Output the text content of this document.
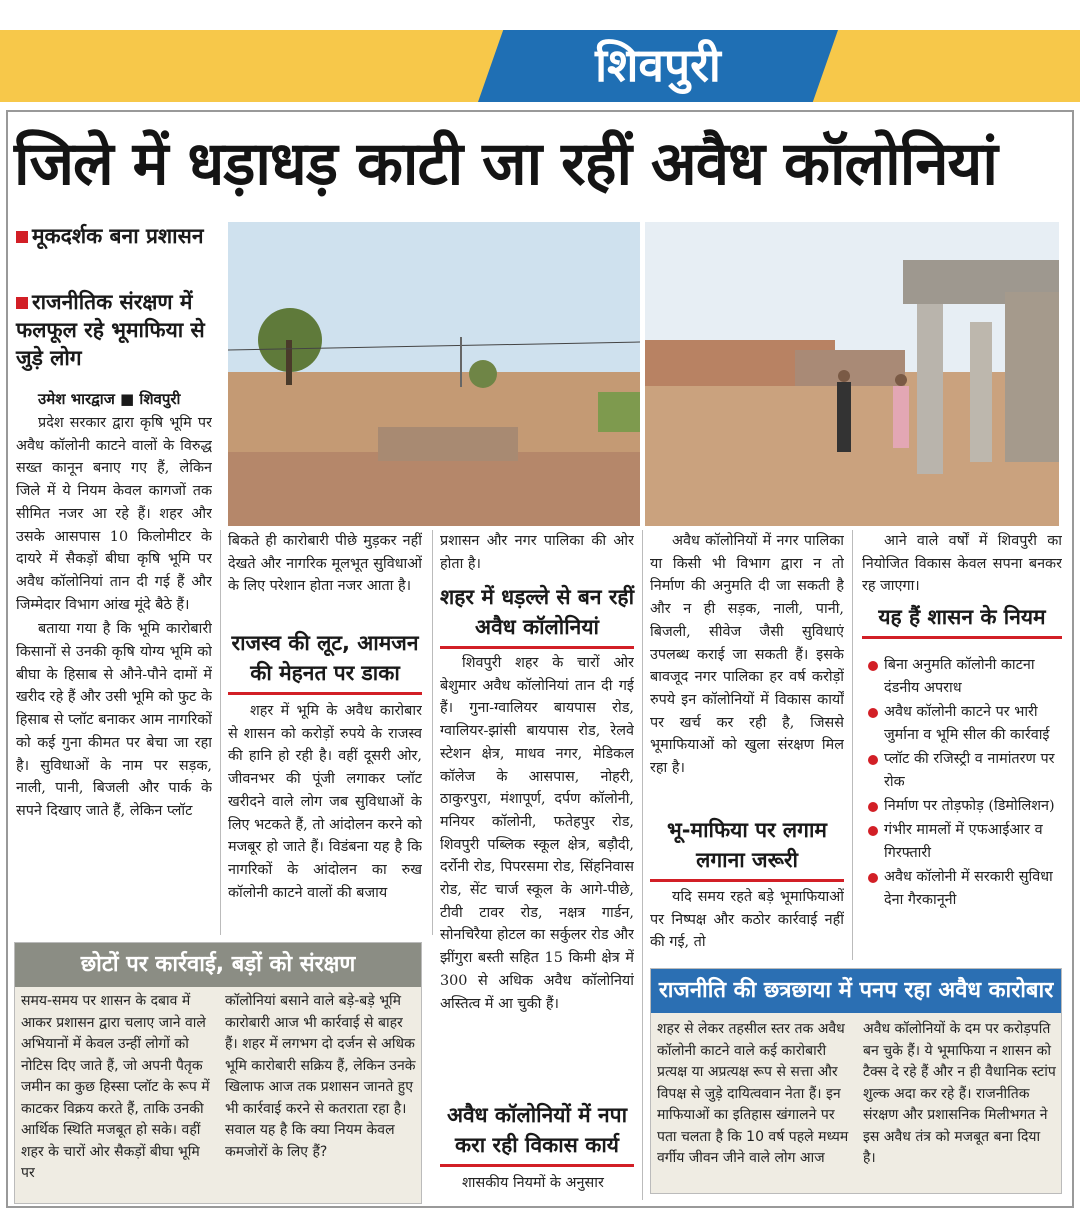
शिवपुरी
जिले में धड़ाधड़ काटी जा रहीं अवैध कॉलोनियां
मूकदर्शक बना प्रशासन
राजनीतिक संरक्षण में फलफूल रहे भूमाफिया से जुड़े लोग
उमेश भारद्वाज ■ शिवपुरी

प्रदेश सरकार द्वारा कृषि भूमि पर अवैध कॉलोनी काटने वालों के विरुद्ध सख्त कानून बनाए गए हैं, लेकिन जिले में ये नियम केवल कागजों तक सीमित नजर आ रहे हैं। शहर और उसके आसपास 10 किलोमीटर के दायरे में सैकड़ों बीघा कृषि भूमि पर अवैध कॉलोनियां तान दी गई हैं और जिम्मेदार विभाग आंख मूंदे बैठे हैं।

बताया गया है कि भूमि कारोबारी किसानों से उनकी कृषि योग्य भूमि को बीघा के हिसाब से औने-पौने दामों में खरीद रहे हैं और उसी भूमि को फुट के हिसाब से प्लॉट बनाकर आम नागरिकों को कई गुना कीमत पर बेचा जा रहा है। सुविधाओं के नाम पर सड़क, नाली, पानी, बिजली और पार्क के सपने दिखाए जाते हैं, लेकिन प्लॉट

बिकते ही कारोबारी पीछे मुड़कर नहीं देखते और नागरिक मूलभूत सुविधाओं के लिए परेशान होता नजर आता है।

राजस्व की लूट, आमजन की मेहनत पर डाका

शहर में भूमि के अवैध कारोबार से शासन को करोड़ों रुपये के राजस्व की हानि हो रही है। वहीं दूसरी ओर, जीवनभर की पूंजी लगाकर प्लॉट खरीदने वाले लोग जब सुविधाओं के लिए भटकते हैं, तो आंदोलन करने को मजबूर हो जाते हैं। विडंबना यह है कि नागरिकों के आंदोलन का रुख कॉलोनी काटने वालों की बजाय

प्रशासन और नगर पालिका की ओर होता है।

शहर में धड़ल्ले से बन रहीं अवैध कॉलोनियां

शिवपुरी शहर के चारों ओर बेशुमार अवैध कॉलोनियां तान दी गई हैं। गुना-ग्वालियर बायपास रोड, ग्वालियर-झांसी बायपास रोड, रेलवे स्टेशन क्षेत्र, माधव नगर, मेडिकल कॉलेज के आसपास, नोहरी, ठाकुरपुरा, मंशापूर्ण, दर्पण कॉलोनी, मनियर कॉलोनी, फतेहपुर रोड, शिवपुरी पब्लिक स्कूल क्षेत्र, बड़ौदी, दर्रोनी रोड, पिपरसमा रोड, सिंहनिवास रोड, सेंट चार्ज स्कूल के आगे-पीछे, टीवी टावर रोड, नक्षत्र गार्डन, सोनचिरैया होटल का सर्कुलर रोड और झींगुरा बस्ती सहित 15 किमी क्षेत्र में 300 से अधिक अवैध कॉलोनियां अस्तित्व में आ चुकी हैं।

अवैध कॉलोनियों में नपा करा रही विकास कार्य

शासकीय नियमों के अनुसार

अवैध कॉलोनियों में नगर पालिका या किसी भी विभाग द्वारा न तो निर्माण की अनुमति दी जा सकती है और न ही सड़क, नाली, पानी, बिजली, सीवेज जैसी सुविधाएं उपलब्ध कराई जा सकती हैं। इसके बावजूद नगर पालिका हर वर्ष करोड़ों रुपये इन कॉलोनियों में विकास कार्यों पर खर्च कर रही है, जिससे भूमाफियाओं को खुला संरक्षण मिल रहा है।

भू-माफिया पर लगाम लगाना जरूरी

यदि समय रहते बड़े भूमाफियाओं पर निष्पक्ष और कठोर कार्रवाई नहीं की गई, तो

आने वाले वर्षों में शिवपुरी का नियोजित विकास केवल सपना बनकर रह जाएगा।

यह हैं शासन के नियम
बिना अनुमति कॉलोनी काटना दंडनीय अपराध
अवैध कॉलोनी काटने पर भारी जुर्माना व भूमि सील की कार्रवाई
प्लॉट की रजिस्ट्री व नामांतरण पर रोक
निर्माण पर तोड़फोड़ (डिमोलिशन)
गंभीर मामलों में एफआईआर व गिरफ्तारी
अवैध कॉलोनी में सरकारी सुविधा देना गैरकानूनी
छोटों पर कार्रवाई, बड़ों को संरक्षण
समय-समय पर शासन के दबाव में आकर प्रशासन द्वारा चलाए जाने वाले अभियानों में केवल उन्हीं लोगों को नोटिस दिए जाते हैं, जो अपनी पैतृक जमीन का कुछ हिस्सा प्लॉट के रूप में काटकर विक्रय करते हैं, ताकि उनकी आर्थिक स्थिति मजबूत हो सके। वहीं शहर के चारों ओर सैकड़ों बीघा भूमि पर
कॉलोनियां बसाने वाले बड़े-बड़े भूमि कारोबारी आज भी कार्रवाई से बाहर हैं। शहर में लगभग दो दर्जन से अधिक भूमि कारोबारी सक्रिय हैं, लेकिन उनके खिलाफ आज तक प्रशासन जानते हुए भी कार्रवाई करने से कतराता रहा है। सवाल यह है कि क्या नियम केवल कमजोरों के लिए हैं?
राजनीति की छत्रछाया में पनप रहा अवैध कारोबार
शहर से लेकर तहसील स्तर तक अवैध कॉलोनी काटने वाले कई कारोबारी प्रत्यक्ष या अप्रत्यक्ष रूप से सत्ता और विपक्ष से जुड़े दायित्ववान नेता हैं। इन माफियाओं का इतिहास खंगालने पर पता चलता है कि 10 वर्ष पहले मध्यम वर्गीय जीवन जीने वाले लोग आज
अवैध कॉलोनियों के दम पर करोड़पति बन चुके हैं। ये भूमाफिया न शासन को टैक्स दे रहे हैं और न ही वैधानिक स्टांप शुल्क अदा कर रहे हैं। राजनीतिक संरक्षण और प्रशासनिक मिलीभगत ने इस अवैध तंत्र को मजबूत बना दिया है।
